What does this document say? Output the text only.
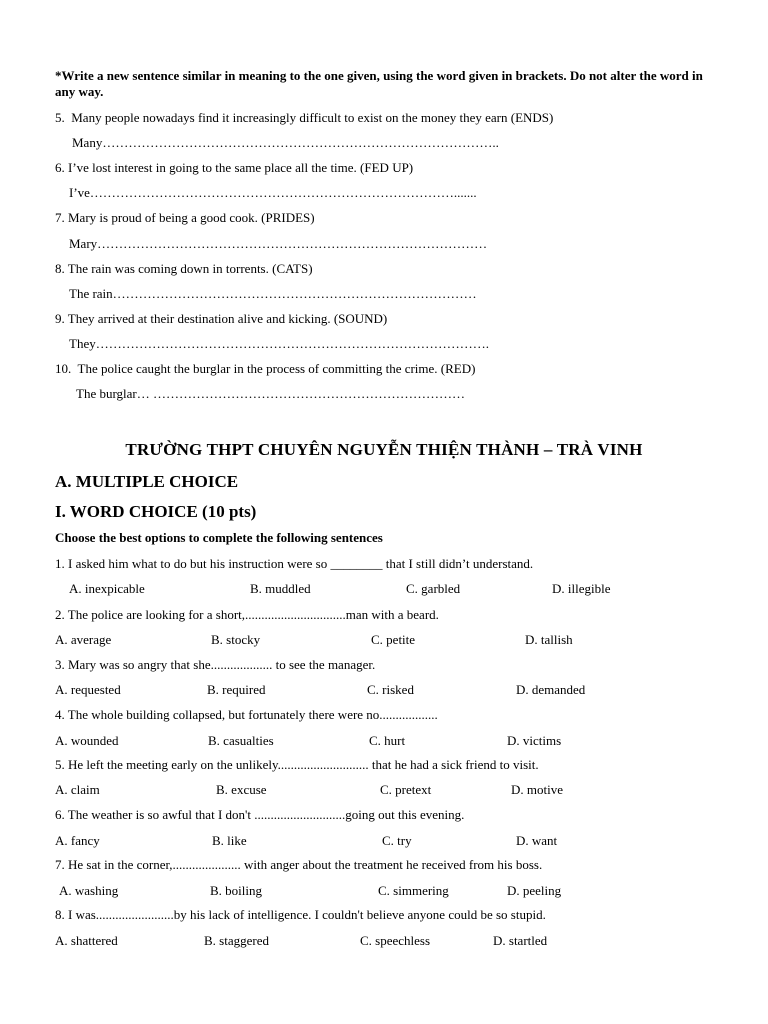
*Write a new sentence similar in meaning to the one given, using the word given in brackets. Do not alter the word in any way.
5.  Many people nowadays find it increasingly difficult to exist on the money they earn (ENDS)
Many………………………………………………………………………………..
6. I’ve lost interest in going to the same place all the time. (FED UP)
I’ve………………………………………………………………………….......
7. Mary is proud of being a good cook. (PRIDES)
Mary………………………………………………………………………………
8. The rain was coming down in torrents. (CATS)
The rain…………………………………………………………………………
9. They arrived at their destination alive and kicking. (SOUND)
They……………………………………………………………………………….
10.  The police caught the burglar in the process of committing the crime. (RED)
The burglar… ………………………………………………………………
TRƯỜNG THPT CHUYÊN NGUYỄN THIỆN THÀNH – TRÀ VINH
A. MULTIPLE CHOICE
I. WORD CHOICE (10 pts)
Choose the best options to complete the following sentences
1. I asked him what to do but his instruction were so ________ that I still didn’t understand.
A. inexpicable	B. muddled	C. garbled	D. illegible
2. The police are looking for a short,...............................man with a beard.
A. average	B. stocky	C. petite	D. tallish
3. Mary was so angry that she................... to see the manager.
A. requested	B. required	C. risked	D. demanded
4. The whole building collapsed, but fortunately there were no..................
A. wounded	B. casualties	C. hurt	D. victims
5. He left the meeting early on the unlikely............................ that he had a sick friend to visit.
A. claim	B. excuse	C. pretext	D. motive
6. The weather is so awful that I don't ............................going out this evening.
A. fancy	B. like	C. try	D. want
7. He sat in the corner,..................... with anger about the treatment he received from his boss.
A. washing	B. boiling	C. simmering	D. peeling
8. I was........................by his lack of intelligence. I couldn't believe anyone could be so stupid.
A. shattered	B. staggered	C. speechless	D. startled
